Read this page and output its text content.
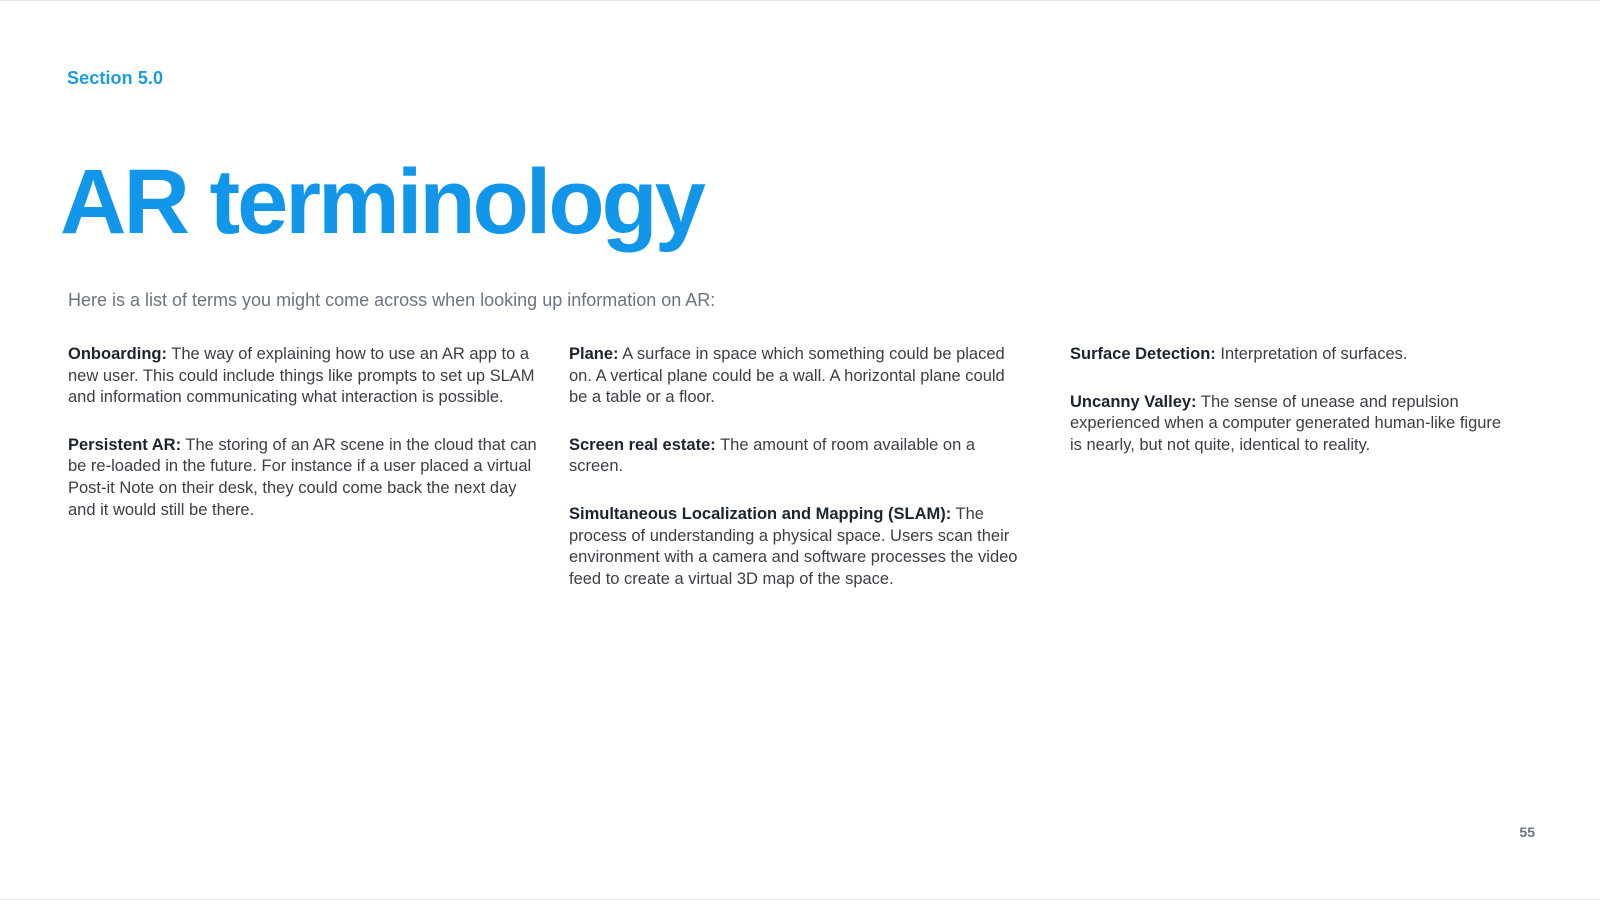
Section 5.0
AR terminology
Here is a list of terms you might come across when looking up information on AR:

Onboarding: The way of explaining how to use an AR app to a new user. This could include things like prompts to set up SLAM and information communicating what interaction is possible.

Persistent AR: The storing of an AR scene in the cloud that can be re-loaded in the future. For instance if a user placed a virtual Post-it Note on their desk, they could come back the next day and it would still be there.

Plane: A surface in space which something could be placed on. A vertical plane could be a wall. A horizontal plane could be a table or a floor.

Screen real estate: The amount of room available on a screen.

Simultaneous Localization and Mapping (SLAM): The process of understanding a physical space. Users scan their environment with a camera and software processes the video feed to create a virtual 3D map of the space.

Surface Detection: Interpretation of surfaces.

Uncanny Valley: The sense of unease and repulsion experienced when a computer generated human-like figure is nearly, but not quite, identical to reality.

55
